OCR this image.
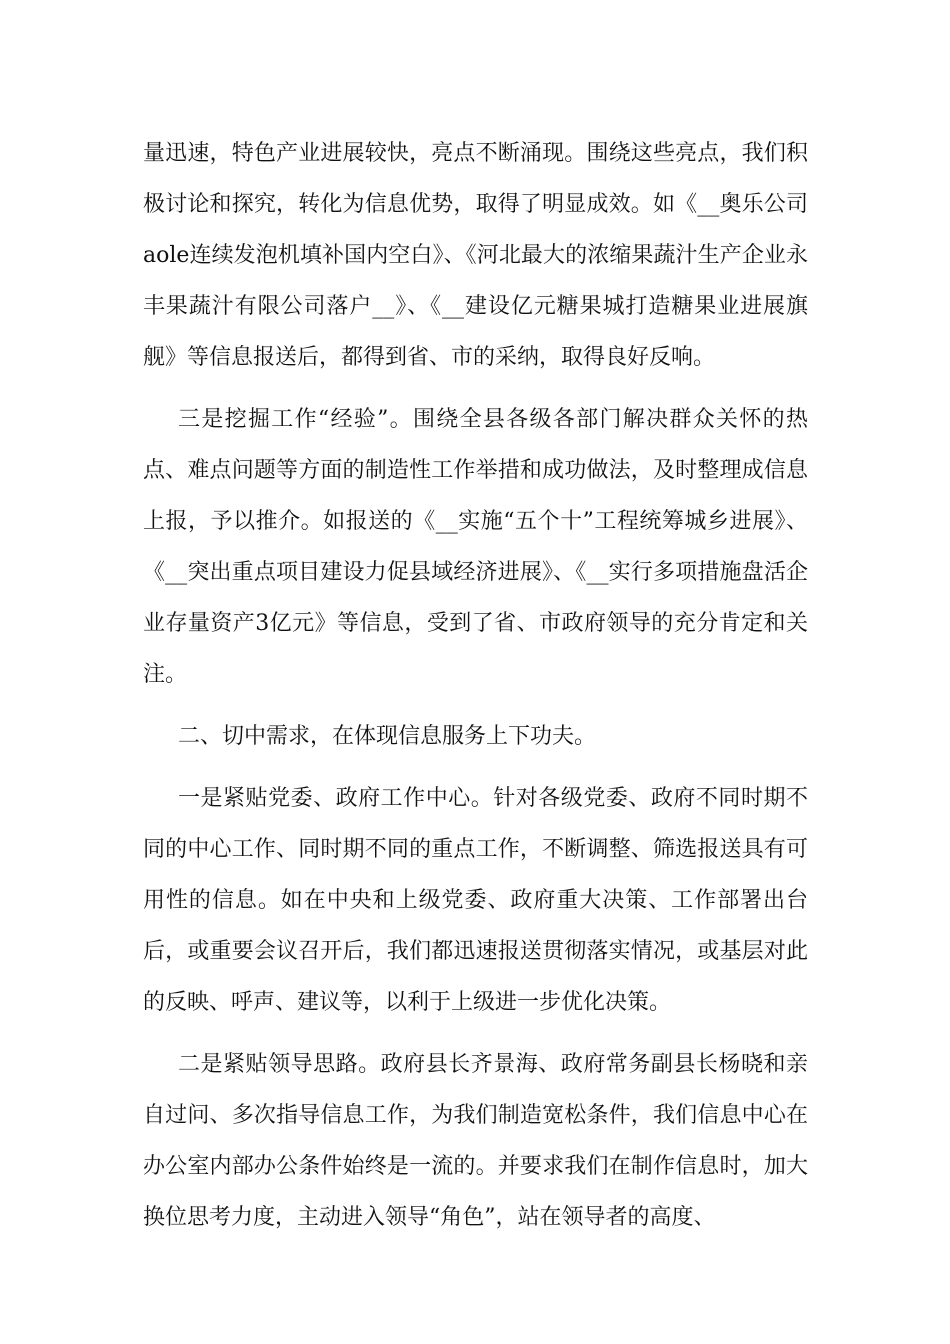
量迅速，特色产业进展较快，亮点不断涌现。围绕这些亮点，我们积极讨论和探究，转化为信息优势，取得了明显成效。如《__奥乐公司aole连续发泡机填补国内空白》、《河北最大的浓缩果蔬汁生产企业永丰果蔬汁有限公司落户__》、《__建设亿元糖果城打造糖果业进展旗舰》等信息报送后，都得到省、市的采纳，取得良好反响。

三是挖掘工作“经验”。围绕全县各级各部门解决群众关怀的热点、难点问题等方面的制造性工作举措和成功做法，及时整理成信息上报，予以推介。如报送的《__实施“五个十”工程统筹城乡进展》、《__突出重点项目建设力促县域经济进展》、《__实行多项措施盘活企业存量资产3亿元》等信息，受到了省、市政府领导的充分肯定和关注。

二、切中需求，在体现信息服务上下功夫。

一是紧贴党委、政府工作中心。针对各级党委、政府不同时期不同的中心工作、同时期不同的重点工作，不断调整、筛选报送具有可用性的信息。如在中央和上级党委、政府重大决策、工作部署出台后，或重要会议召开后，我们都迅速报送贯彻落实情况，或基层对此的反映、呼声、建议等，以利于上级进一步优化决策。

二是紧贴领导思路。政府县长齐景海、政府常务副县长杨晓和亲自过问、多次指导信息工作，为我们制造宽松条件，我们信息中心在办公室内部办公条件始终是一流的。并要求我们在制作信息时，加大换位思考力度，主动进入领导“角色”，站在领导者的高度、
